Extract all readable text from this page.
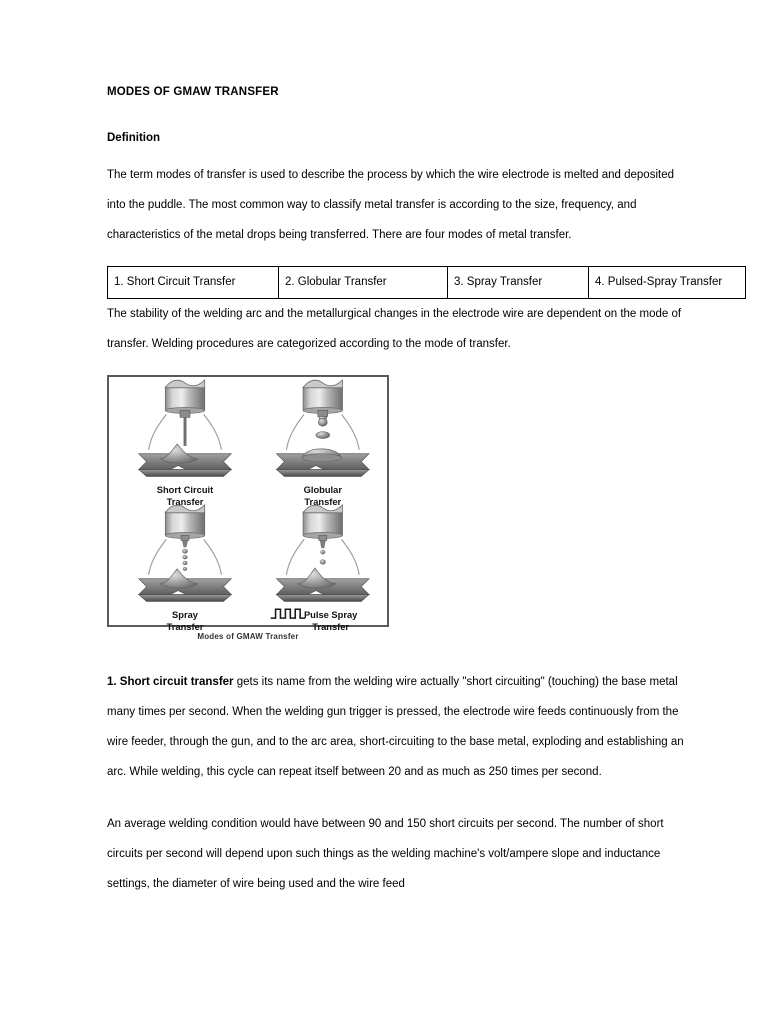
MODES OF GMAW TRANSFER
Definition

The term modes of transfer is used to describe the process by which the wire electrode is melted and deposited into the puddle. The most common way to classify metal transfer is according to the size, frequency, and characteristics of the metal drops being transferred. There are four modes of metal transfer.

1. Short Circuit Transfer	2. Globular Transfer	3. Spray Transfer	4. Pulsed-Spray Transfer

The stability of the welding arc and the metallurgical changes in the electrode wire are dependent on the mode of transfer. Welding procedures are categorized according to the mode of transfer.

Short Circuit
Transfer
Globular
Transfer
Spray
Transfer
Pulse Spray
Transfer
Modes of GMAW Transfer

1. Short circuit transfer gets its name from the welding wire actually "short circuiting" (touching) the base metal many times per second. When the welding gun trigger is pressed, the electrode wire feeds continuously from the wire feeder, through the gun, and to the arc area, short-circuiting to the base metal, exploding and establishing an arc. While welding, this cycle can repeat itself between 20 and as much as 250 times per second.

An average welding condition would have between 90 and 150 short circuits per second. The number of short circuits per second will depend upon such things as the welding machine's volt/ampere slope and inductance settings, the diameter of wire being used and the wire feed
